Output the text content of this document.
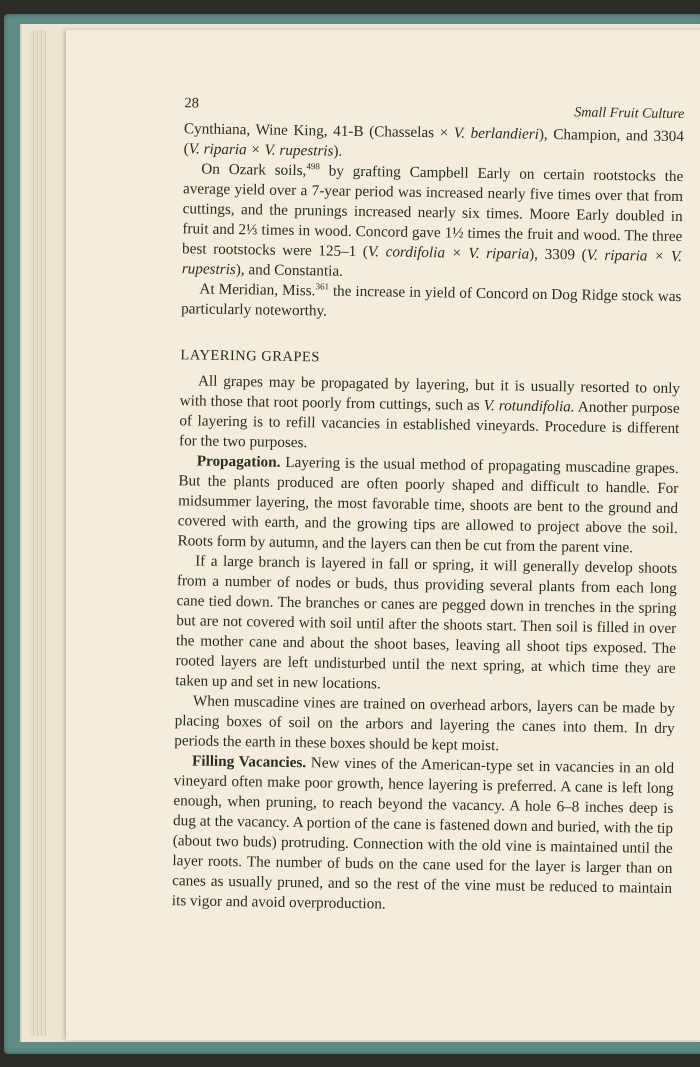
28
Small Fruit Culture

Cynthiana, Wine King, 41-B (Chasselas × V. berlandieri), Champion, and 3304 (V. riparia × V. rupestris).

On Ozark soils,$^{498}$ by grafting Campbell Early on certain rootstocks the average yield over a 7-year period was increased nearly five times over that from cuttings, and the prunings increased nearly six times. Moore Early doubled in fruit and 2⅓ times in wood. Concord gave 1½ times the fruit and wood. The three best rootstocks were 125–1 (V. cordifolia × V. riparia), 3309 (V. riparia × V. rupestris), and Constantia.

At Meridian, Miss.$^{361}$ the increase in yield of Concord on Dog Ridge stock was particularly noteworthy.

LAYERING GRAPES

All grapes may be propagated by layering, but it is usually resorted to only with those that root poorly from cuttings, such as V. rotundifolia. Another purpose of layering is to refill vacancies in established vineyards. Procedure is different for the two purposes.

Propagation. Layering is the usual method of propagating muscadine grapes. But the plants produced are often poorly shaped and difficult to handle. For midsummer layering, the most favorable time, shoots are bent to the ground and covered with earth, and the growing tips are allowed to project above the soil. Roots form by autumn, and the layers can then be cut from the parent vine.

If a large branch is layered in fall or spring, it will generally develop shoots from a number of nodes or buds, thus providing several plants from each long cane tied down. The branches or canes are pegged down in trenches in the spring but are not covered with soil until after the shoots start. Then soil is filled in over the mother cane and about the shoot bases, leaving all shoot tips exposed. The rooted layers are left undisturbed until the next spring, at which time they are taken up and set in new locations.

When muscadine vines are trained on overhead arbors, layers can be made by placing boxes of soil on the arbors and layering the canes into them. In dry periods the earth in these boxes should be kept moist.

Filling Vacancies. New vines of the American-type set in vacancies in an old vineyard often make poor growth, hence layering is preferred. A cane is left long enough, when pruning, to reach beyond the vacancy. A hole 6–8 inches deep is dug at the vacancy. A portion of the cane is fastened down and buried, with the tip (about two buds) protruding. Connection with the old vine is maintained until the layer roots. The number of buds on the cane used for the layer is larger than on canes as usually pruned, and so the rest of the vine must be reduced to maintain its vigor and avoid overproduction.
